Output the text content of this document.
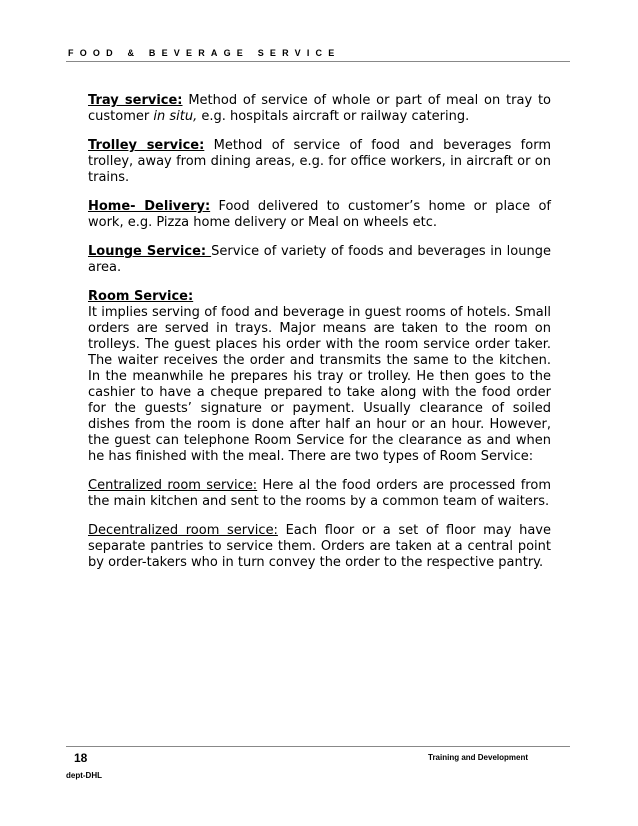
FOOD & BEVERAGE SERVICE

Tray service: Method of service of whole or part of meal on tray to customer in situ, e.g. hospitals aircraft or railway catering.

Trolley service: Method of service of food and beverages form trolley, away from dining areas, e.g. for office workers, in aircraft or on trains.

Home- Delivery: Food delivered to customer’s home or place of work, e.g. Pizza home delivery or Meal on wheels etc.

Lounge Service: Service of variety of foods and beverages in lounge area.

Room Service:
It implies serving of food and beverage in guest rooms of hotels. Small orders are served in trays. Major means are taken to the room on trolleys. The guest places his order with the room service order taker. The waiter receives the order and transmits the same to the kitchen. In the meanwhile he prepares his tray or trolley. He then goes to the cashier to have a cheque prepared to take along with the food order for the guests’ signature or payment. Usually clearance of soiled dishes from the room is done after half an hour or an hour. However, the guest can telephone Room Service for the clearance as and when he has finished with the meal. There are two types of Room Service:

Centralized room service: Here al the food orders are processed from the main kitchen and sent to the rooms by a common team of waiters.

Decentralized room service: Each floor or a set of floor may have separate pantries to service them. Orders are taken at a central point by order-takers who in turn convey the order to the respective pantry.

18	Training and Development
dept-DHL
